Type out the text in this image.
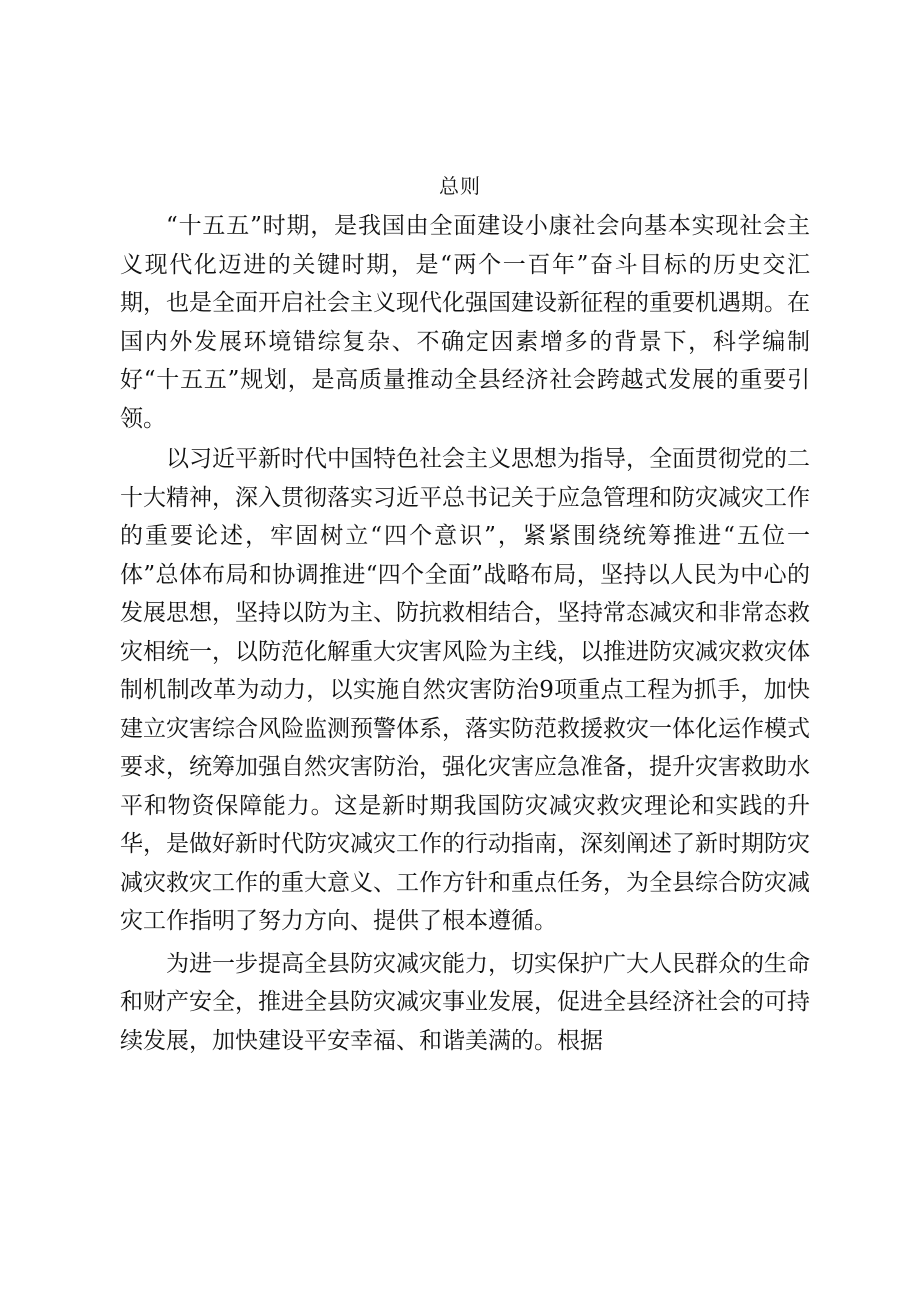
总则

“十五五”时期，是我国由全面建设小康社会向基本实现社会主义现代化迈进的关键时期，是“两个一百年”奋斗目标的历史交汇期，也是全面开启社会主义现代化强国建设新征程的重要机遇期。在国内外发展环境错综复杂、不确定因素增多的背景下，科学编制好“十五五”规划，是高质量推动全县经济社会跨越式发展的重要引领。

以习近平新时代中国特色社会主义思想为指导，全面贯彻党的二十大精神，深入贯彻落实习近平总书记关于应急管理和防灾减灾工作的重要论述，牢固树立“四个意识”，紧紧围绕统筹推进“五位一体”总体布局和协调推进“四个全面”战略布局，坚持以人民为中心的发展思想，坚持以防为主、防抗救相结合，坚持常态减灾和非常态救灾相统一，以防范化解重大灾害风险为主线，以推进防灾减灾救灾体制机制改革为动力，以实施自然灾害防治9项重点工程为抓手，加快建立灾害综合风险监测预警体系，落实防范救援救灾一体化运作模式要求，统筹加强自然灾害防治，强化灾害应急准备，提升灾害救助水平和物资保障能力。这是新时期我国防灾减灾救灾理论和实践的升华，是做好新时代防灾减灾工作的行动指南，深刻阐述了新时期防灾减灾救灾工作的重大意义、工作方针和重点任务，为全县综合防灾减灾工作指明了努力方向、提供了根本遵循。

为进一步提高全县防灾减灾能力，切实保护广大人民群众的生命和财产安全，推进全县防灾减灾事业发展，促进全县经济社会的可持续发展，加快建设平安幸福、和谐美满的。根据
